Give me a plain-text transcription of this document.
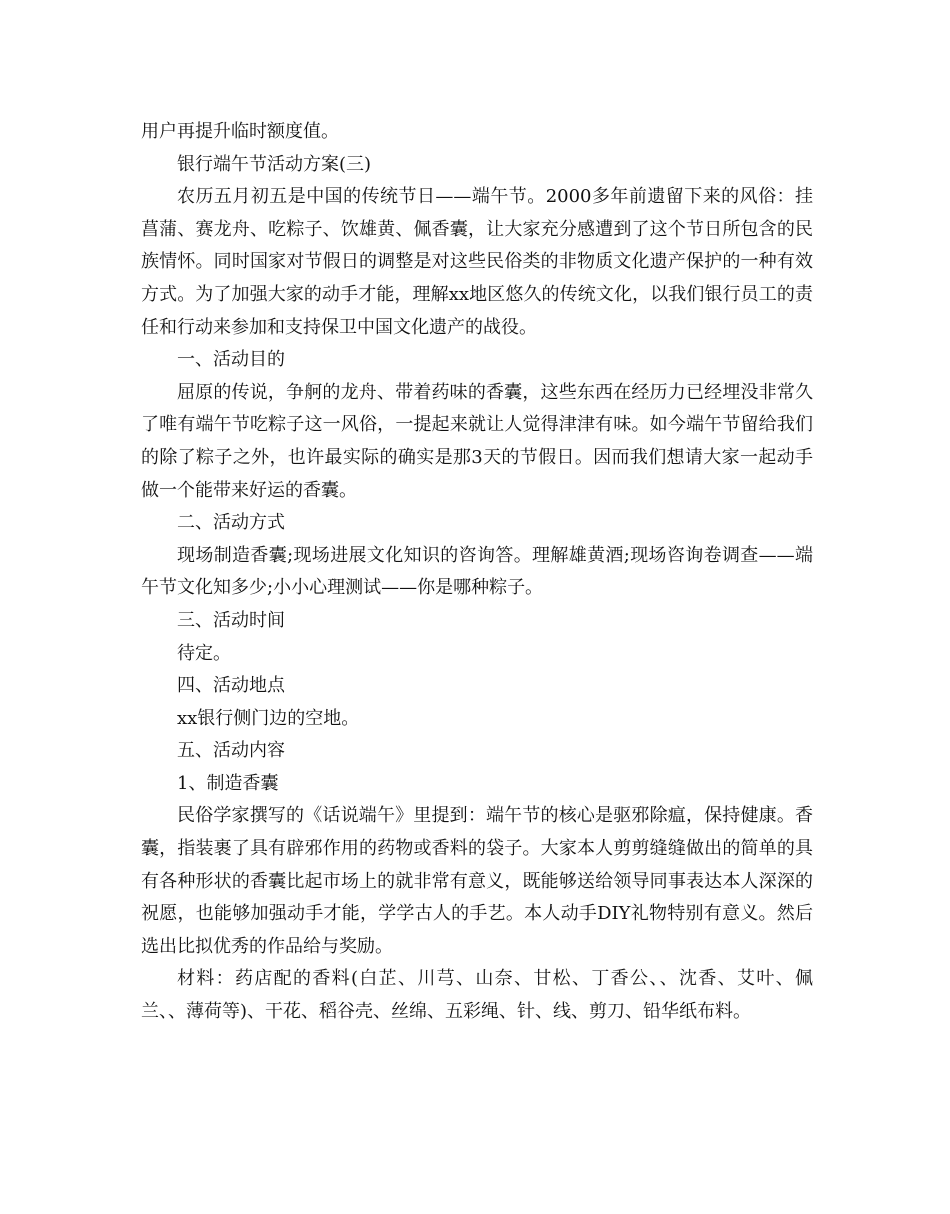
用户再提升临时额度值。

银行端午节活动方案(三)

农历五月初五是中国的传统节日——端午节。2000多年前遗留下来的风俗：挂菖蒲、赛龙舟、吃粽子、饮雄黄、佩香囊，让大家充分感遭到了这个节日所包含的民族情怀。同时国家对节假日的调整是对这些民俗类的非物质文化遗产保护的一种有效方式。为了加强大家的动手才能，理解xx地区悠久的传统文化，以我们银行员工的责任和行动来参加和支持保卫中国文化遗产的战役。

一、活动目的

屈原的传说，争舸的龙舟、带着药味的香囊，这些东西在经历力已经埋没非常久了唯有端午节吃粽子这一风俗，一提起来就让人觉得津津有味。如今端午节留给我们的除了粽子之外，也许最实际的确实是那3天的节假日。因而我们想请大家一起动手做一个能带来好运的香囊。

二、活动方式

现场制造香囊;现场进展文化知识的咨询答。理解雄黄酒;现场咨询卷调查——端午节文化知多少;小小心理测试——你是哪种粽子。

三、活动时间

待定。

四、活动地点

xx银行侧门边的空地。

五、活动内容

1、制造香囊

民俗学家撰写的《话说端午》里提到：端午节的核心是驱邪除瘟，保持健康。香囊，指装裹了具有辟邪作用的药物或香料的袋子。大家本人剪剪缝缝做出的简单的具有各种形状的香囊比起市场上的就非常有意义，既能够送给领导同事表达本人深深的祝愿，也能够加强动手才能，学学古人的手艺。本人动手DIY礼物特别有意义。然后选出比拟优秀的作品给与奖励。

材料：药店配的香料(白芷、川芎、山奈、甘松、丁香公、、沈香、艾叶、佩兰、、薄荷等)、干花、稻谷壳、丝绵、五彩绳、针、线、剪刀、铅华纸布料。
